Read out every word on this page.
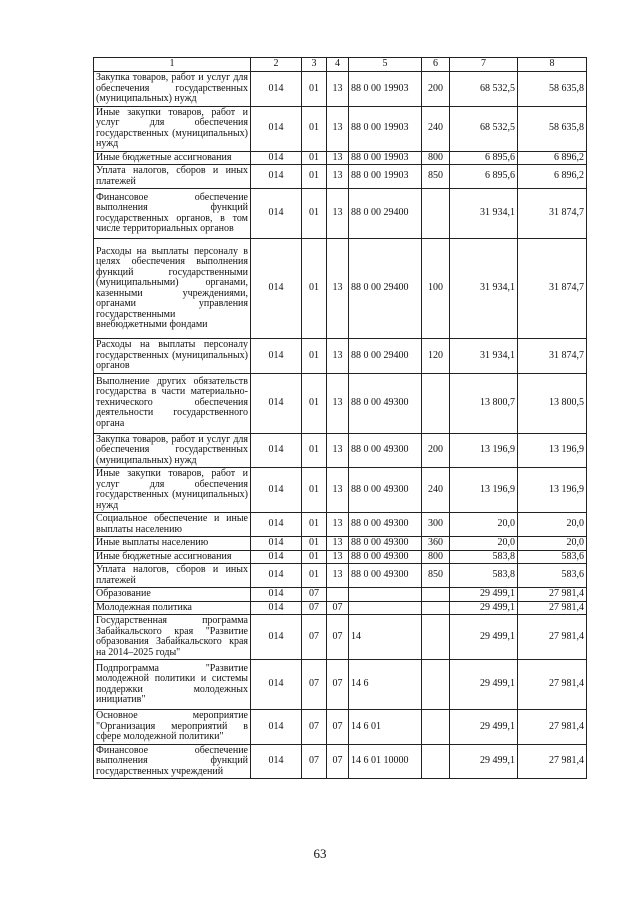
1	2	3	4	5	6	7	8
Закупка товаров, работ и услуг для обеспечения государственных (муниципальных) нужд	014	01	13	88 0 00 19903	200	68 532,5	58 635,8
Иные закупки товаров, работ и услуг для обеспечения государственных (муниципальных) нужд	014	01	13	88 0 00 19903	240	68 532,5	58 635,8
Иные бюджетные ассигнования	014	01	13	88 0 00 19903	800	6 895,6	6 896,2
Уплата налогов, сборов и иных платежей	014	01	13	88 0 00 19903	850	6 895,6	6 896,2
Финансовое обеспечение выполнения функций государственных органов, в том числе территориальных органов	014	01	13	88 0 00 29400		31 934,1	31 874,7
Расходы на выплаты персоналу в целях обеспечения выполнения функций государственными (муниципальными) органами, казенными учреждениями, органами управления государственными внебюджетными фондами	014	01	13	88 0 00 29400	100	31 934,1	31 874,7
Расходы на выплаты персоналу государственных (муниципальных) органов	014	01	13	88 0 00 29400	120	31 934,1	31 874,7
Выполнение других обязательств государства в части материально-технического обеспечения деятельности государственного органа	014	01	13	88 0 00 49300		13 800,7	13 800,5
Закупка товаров, работ и услуг для обеспечения государственных (муниципальных) нужд	014	01	13	88 0 00 49300	200	13 196,9	13 196,9
Иные закупки товаров, работ и услуг для обеспечения государственных (муниципальных) нужд	014	01	13	88 0 00 49300	240	13 196,9	13 196,9
Социальное обеспечение и иные выплаты населению	014	01	13	88 0 00 49300	300	20,0	20,0
Иные выплаты населению	014	01	13	88 0 00 49300	360	20,0	20,0
Иные бюджетные ассигнования	014	01	13	88 0 00 49300	800	583,8	583,6
Уплата налогов, сборов и иных платежей	014	01	13	88 0 00 49300	850	583,8	583,6
Образование	014	07				29 499,1	27 981,4
Молодежная политика	014	07	07			29 499,1	27 981,4
Государственная программа Забайкальского края "Развитие образования Забайкальского края на 2014–2025 годы"	014	07	07	14		29 499,1	27 981,4
Подпрограмма "Развитие молодежной политики и системы поддержки молодежных инициатив"	014	07	07	14 6		29 499,1	27 981,4
Основное мероприятие "Организация мероприятий в сфере молодежной политики"	014	07	07	14 6 01		29 499,1	27 981,4
Финансовое обеспечение выполнения функций государственных учреждений	014	07	07	14 6 01 10000		29 499,1	27 981,4
63
